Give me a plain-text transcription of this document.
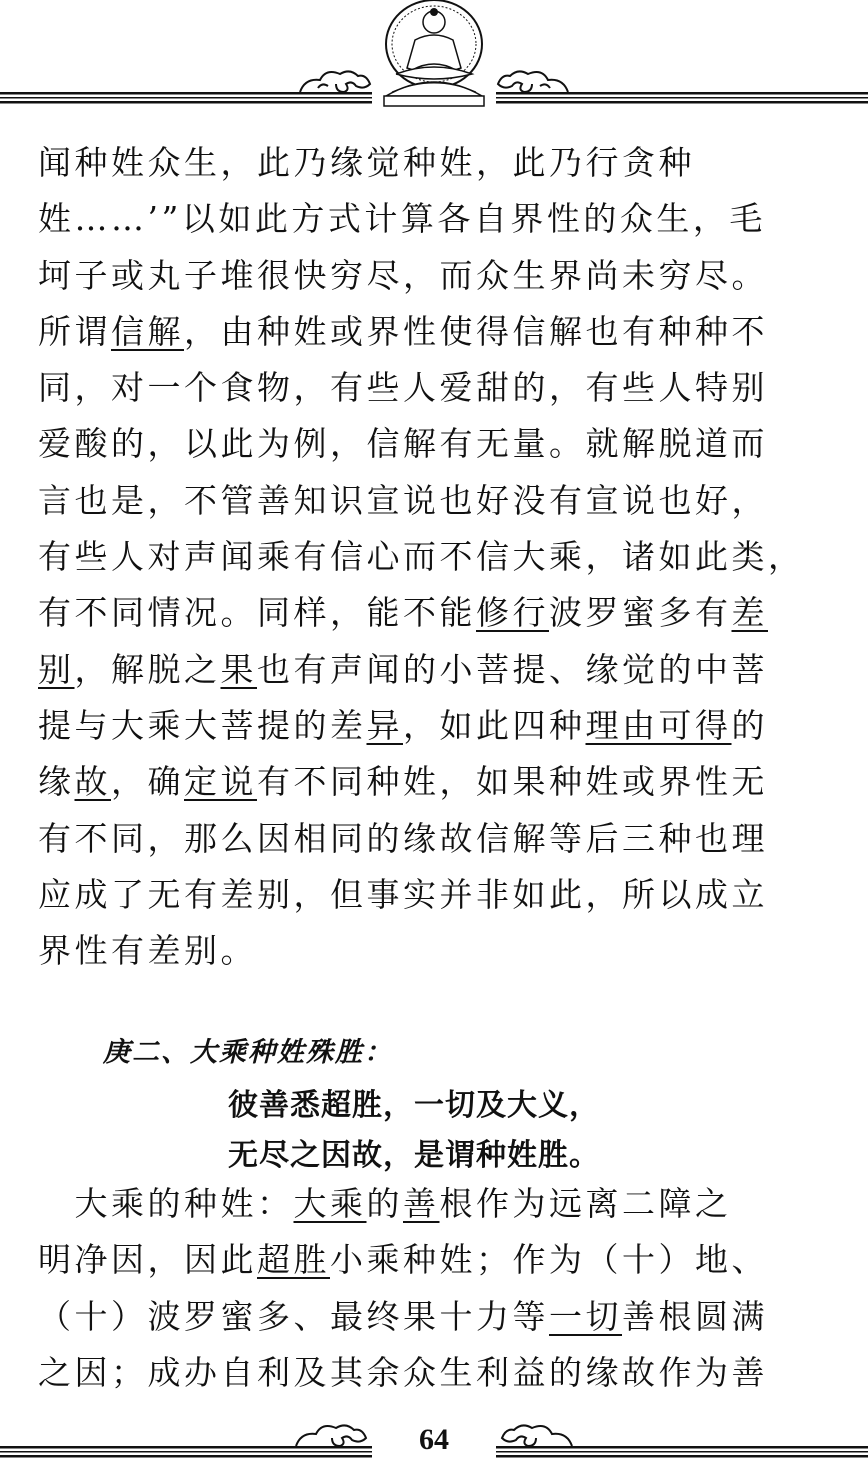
闻种姓众生，此乃缘觉种姓，此乃行贪种
姓……’”以如此方式计算各自界性的众生，毛
坷子或丸子堆很快穷尽，而众生界尚未穷尽。
所谓信解，由种姓或界性使得信解也有种种不
同，对一个食物，有些人爱甜的，有些人特别
爱酸的，以此为例，信解有无量。就解脱道而
言也是，不管善知识宣说也好没有宣说也好，
有些人对声闻乘有信心而不信大乘，诸如此类，
有不同情况。同样，能不能修行波罗蜜多有差
别，解脱之果也有声闻的小菩提、缘觉的中菩
提与大乘大菩提的差异，如此四种理由可得的
缘故，确定说有不同种姓，如果种姓或界性无
有不同，那么因相同的缘故信解等后三种也理
应成了无有差别，但事实并非如此，所以成立
界性有差别。
庚二、大乘种姓殊胜：
彼善悉超胜，一切及大义，
无尽之因故，是谓种姓胜。
　大乘的种姓：大乘的善根作为远离二障之
明净因，因此超胜小乘种姓；作为（十）地、
（十）波罗蜜多、最终果十力等一切善根圆满
之因；成办自利及其余众生利益的缘故作为善
64
